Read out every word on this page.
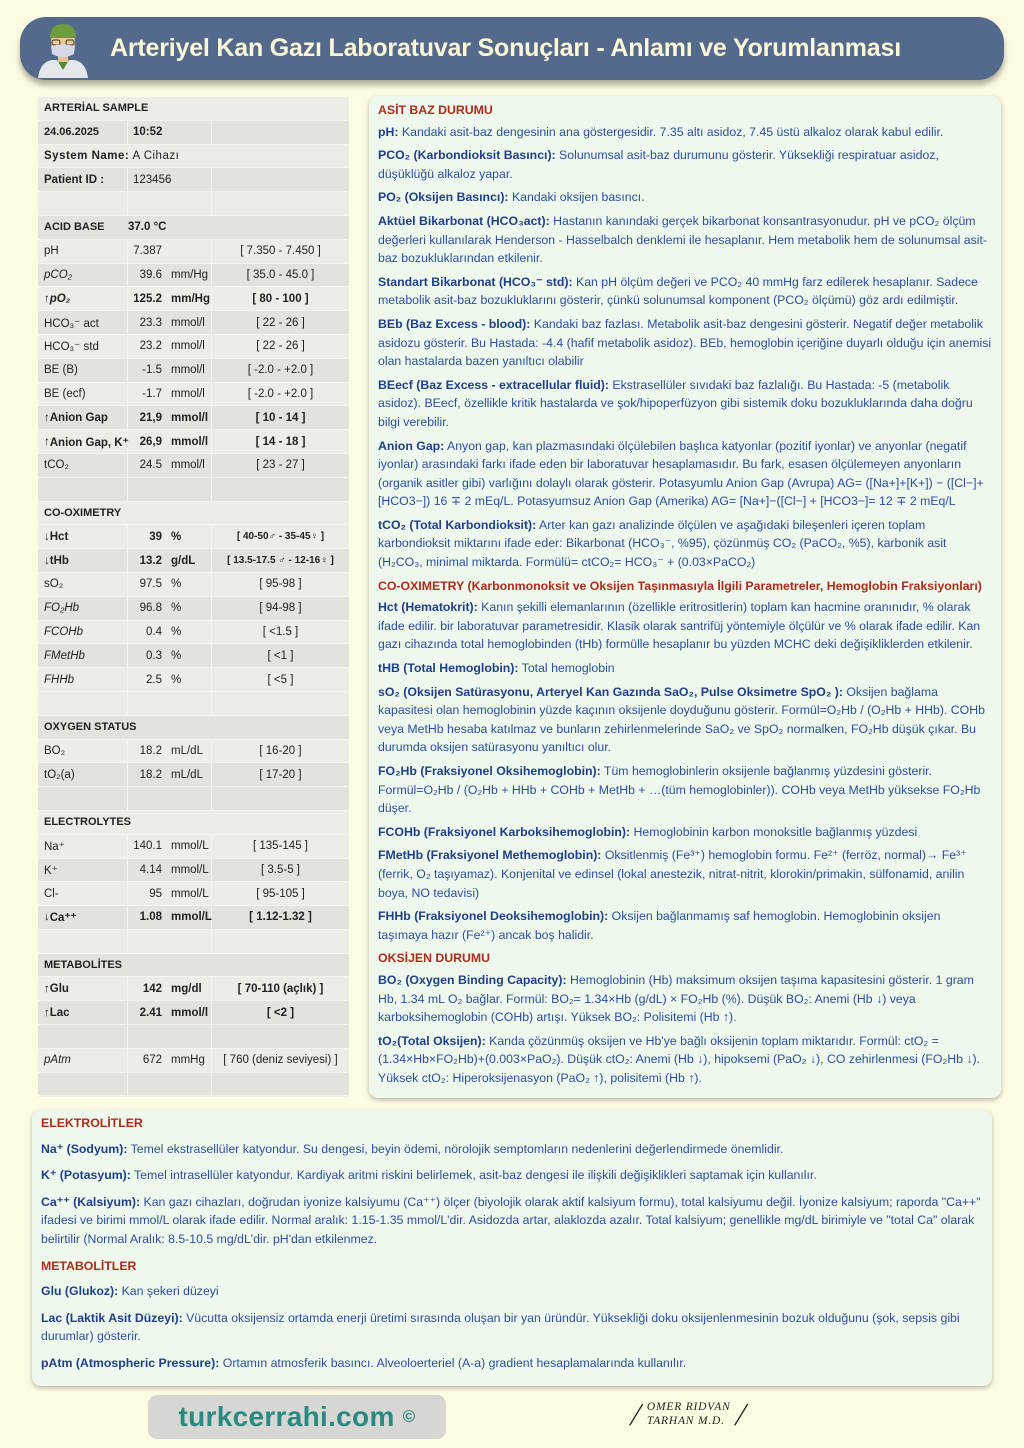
Arteriyel Kan Gazı Laboratuvar Sonuçları - Anlamı ve Yorumlanması
ARTERİAL SAMPLE
24.06.2025	10:52
System Name:
A Cihazı
Patient ID :	123456
ACID BASE	37.0 °C
pH	7.387	[ 7.350 - 7.450 ]
pCO₂	39.6 mm/Hg	[ 35.0 - 45.0 ]
↑ pO₂	125.2 mm/Hg	[ 80 - 100 ]
HCO₃⁻ act	23.3 mmol/l	[ 22 - 26 ]
HCO₃⁻ std	23.2 mmol/l	[ 22 - 26 ]
BE (B)	-1.5 mmol/l	[ -2.0 - +2.0 ]
BE (ecf)	-1.7 mmol/l	[ -2.0 - +2.0 ]
↑ Anion Gap	21,9 mmol/l	[ 10 - 14 ]
↑ Anion Gap, K⁺ 26,9 mmol/l	[ 14 - 18 ]
tCO₂	24.5 mmol/l	[ 23 - 27 ]
CO-OXIMETRY
↓ Hct	39 %	[ 40-50♂ - 35-45♀ ]
↓ tHb	13.2 g/dL	[ 13.5-17.5 ♂ - 12-16♀ ]
sO₂	97.5 %	[ 95-98 ]
FO₂Hb	96.8 %	[ 94-98 ]
FCOHb	0.4 %	[ <1.5 ]
FMetHb	0.3 %	[ <1 ]
FHHb	2.5 %	[ <5 ]
OXYGEN STATUS
BO₂	18.2 mL/dL	[ 16-20 ]
tO₂(a)	18.2 mL/dL	[ 17-20 ]
ELECTROLYTES
Na⁺	140.1 mmol/L	[ 135-145 ]
K⁺	4.14 mmol/L	[ 3.5-5 ]
Cl-	95 mmol/L	[ 95-105 ]
↓ Ca⁺⁺	1.08 mmol/L	[ 1.12-1.32 ]
METABOLİTES
↑ Glu	142 mg/dl	[ 70-110 (açlık) ]
↑ Lac	2.41 mmol/l	[ <2 ]
pAtm	672 mmHg	[ 760 (deniz seviyesi) ]
ASİT BAZ DURUMU
pH: Kandaki asit-baz dengesinin ana göstergesidir. 7.35 altı asidoz, 7.45 üstü alkaloz olarak kabul edilir.
PCO₂ (Karbondioksit Basıncı): Solunumsal asit-baz durumunu gösterir. Yüksekliği respiratuar asidoz, düşüklüğü alkaloz yapar.
PO₂ (Oksijen Basıncı): Kandaki oksijen basıncı.
Aktüel Bikarbonat (HCO₃act): Hastanın kanındaki gerçek bikarbonat konsantrasyonudur. pH ve pCO₂ ölçüm değerleri kullanılarak Henderson - Hasselbalch denklemi ile hesaplanır. Hem metabolik hem de solunumsal asit-baz bozukluklarından etkilenir.
Standart Bikarbonat (HCO₃⁻ std): Kan pH ölçüm değeri ve PCO₂ 40 mmHg farz edilerek hesaplanır. Sadece metabolik asit-baz bozukluklarını gösterir, çünkü solunumsal komponent (PCO₂ ölçümü) göz ardı edilmiştir.
BEb (Baz Excess - blood): Kandaki baz fazlası. Metabolik asit-baz dengesini gösterir. Negatif değer metabolik asidozu gösterir. Bu Hastada: -4.4 (hafif metabolik asidoz). BEb, hemoglobin içeriğine duyarlı olduğu için anemisi olan hastalarda bazen yanıltıcı olabilir
BEecf (Baz Excess - extracellular fluid): Ekstrasellüler sıvıdaki baz fazlalığı. Bu Hastada: -5 (metabolik asidoz). BEecf, özellikle kritik hastalarda ve şok/hipoperfüzyon gibi sistemik doku bozukluklarında daha doğru bilgi verebilir.
Anion Gap: Anyon gap, kan plazmasındaki ölçülebilen başlıca katyonlar (pozitif iyonlar) ve anyonlar (negatif iyonlar) arasındaki farkı ifade eden bir laboratuvar hesaplamasıdır. Bu fark, esasen ölçülemeyen anyonların (organik asitler gibi) varlığını dolaylı olarak gösterir. Potasyumlu Anion Gap (Avrupa) AG= ([Na+]+[K+]) − ([Cl−]+[HCO3−]) 16 ∓ 2 mEq/L. Potasyumsuz Anion Gap (Amerika) AG= [Na+]−([Cl−] + [HCO3−]= 12 ∓ 2 mEq/L
tCO₂ (Total Karbondioksit): Arter kan gazı analizinde ölçülen ve aşağıdaki bileşenleri içeren toplam karbondioksit miktarını ifade eder: Bikarbonat (HCO₃⁻, %95), çözünmüş CO₂ (PaCO₂, %5), karbonik asit (H₂CO₃, minimal miktarda. Formülü= ctCO₂= HCO₃⁻ + (0.03×PaCO₂)
CO-OXIMETRY (Karbonmonoksit ve Oksijen Taşınmasıyla İlgili Parametreler, Hemoglobin Fraksiyonları)
Hct (Hematokrit): Kanın şekilli elemanlarının (özellikle eritrositlerin) toplam kan hacmine oranınıdır, % olarak ifade edilir. bir laboratuvar parametresidir. Klasik olarak santrifüj yöntemiyle ölçülür ve % olarak ifade edilir. Kan gazı cihazında total hemoglobinden (tHb) formülle hesaplanır bu yüzden MCHC deki değişikliklerden etkilenir.
tHB (Total Hemoglobin): Total hemoglobin
sO₂ (Oksijen Satürasyonu, Arteryel Kan Gazında SaO₂, Pulse Oksimetre SpO₂ ): Oksijen bağlama kapasitesi olan hemoglobinin yüzde kaçının oksijenle doyduğunu gösterir. Formül=O₂Hb / (O₂Hb + HHb). COHb veya MetHb hesaba katılmaz ve bunların zehirlenmelerinde SaO₂ ve SpO₂ normalken, FO₂Hb düşük çıkar. Bu durumda oksijen satürasyonu yanıltıcı olur.
FO₂Hb (Fraksiyonel Oksihemoglobin): Tüm hemoglobinlerin oksijenle bağlanmış yüzdesini gösterir. Formül=O₂Hb / (O₂Hb + HHb + COHb + MetHb + …(tüm hemoglobinler)). COHb veya MetHb yüksekse FO₂Hb düşer.
FCOHb (Fraksiyonel Karboksihemoglobin): Hemoglobinin karbon monoksitle bağlanmış yüzdesi
FMetHb (Fraksiyonel Methemoglobin): Oksitlenmiş (Fe³⁺) hemoglobin formu. Fe²⁺ (ferröz, normal)→ Fe³⁺ (ferrik, O₂ taşıyamaz). Konjenital ve edinsel (lokal anestezik, nitrat-nitrit, klorokin/primakin, sülfonamid, anilin boya, NO tedavisi)
FHHb (Fraksiyonel Deoksihemoglobin): Oksijen bağlanmamış saf hemoglobin. Hemoglobinin oksijen taşımaya hazır (Fe²⁺) ancak boş halidir.
OKSİJEN DURUMU
BO₂ (Oxygen Binding Capacity): Hemoglobinin (Hb) maksimum oksijen taşıma kapasitesini gösterir. 1 gram Hb, 1.34 mL O₂ bağlar. Formül: BO₂= 1.34×Hb (g/dL) × FO₂Hb (%). Düşük BO₂: Anemi (Hb ↓) veya karboksihemoglobin (COHb) artışı. Yüksek BO₂: Polisitemi (Hb ↑).
tO₂(Total Oksijen): Kanda çözünmüş oksijen ve Hb'ye bağlı oksijenin toplam miktarıdır. Formül: ctO₂ =(1.34×Hb×FO₂Hb)+(0.003×PaO₂). Düşük ctO₂: Anemi (Hb ↓), hipoksemi (PaO₂ ↓), CO zehirlenmesi (FO₂Hb ↓). Yüksek ctO₂: Hiperoksijenasyon (PaO₂ ↑), polisitemi (Hb ↑).
ELEKTROLİTLER
Na⁺ (Sodyum): Temel ekstrasellüler katyondur. Su dengesi, beyin ödemi, nörolojik semptomların nedenlerini değerlendirmede önemlidir.
K⁺ (Potasyum): Temel intrasellüler katyondur. Kardiyak aritmi riskini belirlemek, asit-baz dengesi ile ilişkili değişiklikleri saptamak için kullanılır.
Ca⁺⁺ (Kalsiyum): Kan gazı cihazları, doğrudan iyonize kalsiyumu (Ca⁺⁺) ölçer (biyolojik olarak aktif kalsiyum formu), total kalsiyumu değil. İyonize kalsiyum; raporda "Ca++" ifadesi ve birimi mmol/L olarak ifade edilir. Normal aralık: 1.15-1.35 mmol/L'dir. Asidozda artar, alaklozda azalır. Total kalsiyum; genellikle mg/dL birimiyle ve "total Ca" olarak belirtilir (Normal Aralık: 8.5-10.5 mg/dL'dir. pH'dan etkilenmez.
METABOLİTLER
Glu (Glukoz): Kan şekeri düzeyi
Lac (Laktik Asit Düzeyi): Vücutta oksijensiz ortamda enerji üretimi sırasında oluşan bir yan üründür. Yüksekliği doku oksijenlenmesinin bozuk olduğunu (şok, sepsis gibi durumlar) gösterir.
pAtm (Atmospheric Pressure): Ortamın atmosferik basıncı. Alveoloerteriel (A-a) gradient hesaplamalarında kullanılır.
turkcerrahi.com ©	/ OMER RIDVAN
TARHAN M.D. /
